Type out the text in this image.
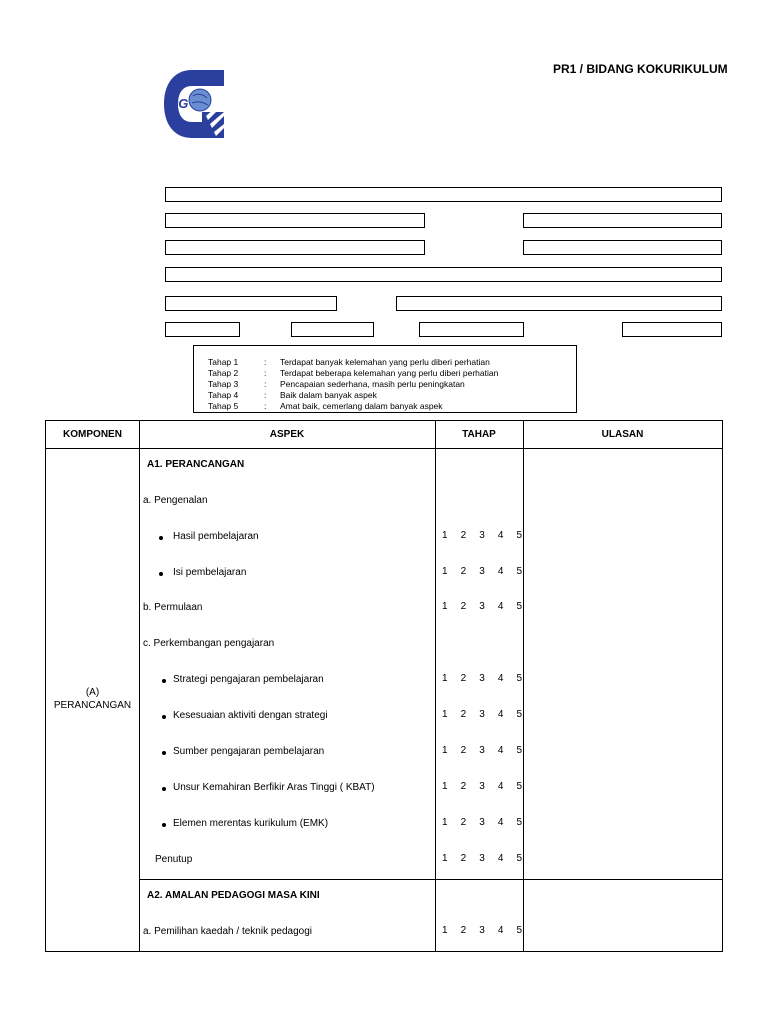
PR1 / BIDANG KOKURIKULUM
IPG
Tahap 1	: Terdapat banyak kelemahan yang perlu diberi perhatian
Tahap 2	: Terdapat beberapa kelemahan yang perlu diberi perhatian
Tahap 3	: Pencapaian sederhana, masih perlu peningkatan
Tahap 4	: Baik dalam banyak aspek
Tahap 5	: Amat baik, cemerlang dalam banyak aspek
KOMPONEN	ASPEK	TAHAP	ULASAN
(A)
PERANCANGAN
A1. PERANCANGAN
a. Pengenalan
Hasil pembelajaran	1 2 3 4 5
Isi pembelajaran	1 2 3 4 5
b. Permulaan	1 2 3 4 5
c. Perkembangan pengajaran
Strategi pengajaran pembelajaran	1 2 3 4 5
Kesesuaian aktiviti dengan strategi	1 2 3 4 5
Sumber pengajaran pembelajaran	1 2 3 4 5
Unsur Kemahiran Berfikir Aras Tinggi ( KBAT)	1 2 3 4 5
Elemen merentas kurikulum (EMK)	1 2 3 4 5
Penutup	1 2 3 4 5
A2. AMALAN PEDAGOGI MASA KINI
a. Pemilihan kaedah / teknik pedagogi	1 2 3 4 5
